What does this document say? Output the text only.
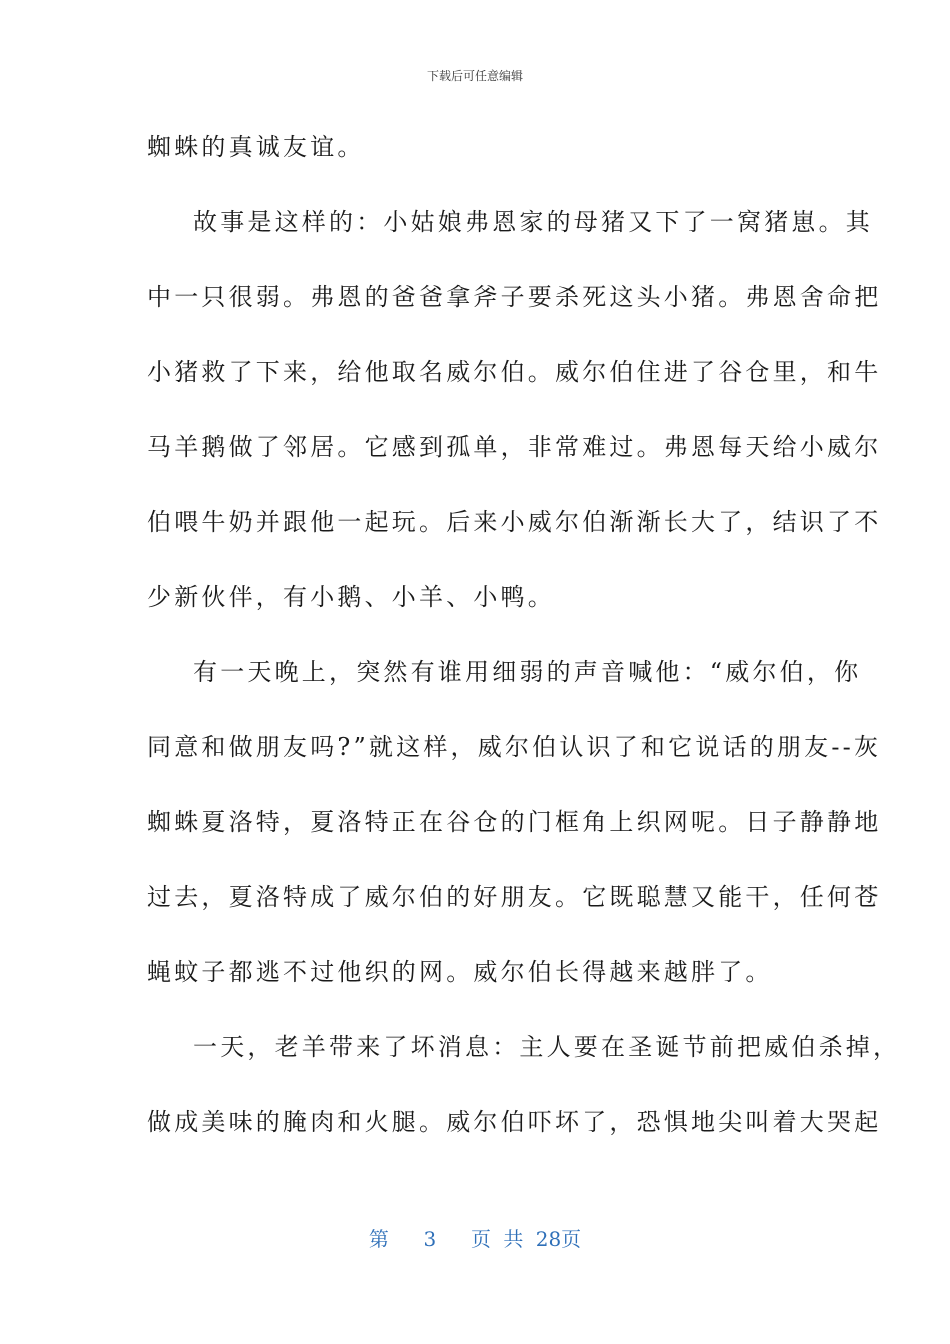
下载后可任意编辑
蜘蛛的真诚友谊。
故事是这样的：小姑娘弗恩家的母猪又下了一窝猪崽。其
中一只很弱。弗恩的爸爸拿斧子要杀死这头小猪。弗恩舍命把
小猪救了下来，给他取名威尔伯。威尔伯住进了谷仓里，和牛
马羊鹅做了邻居。它感到孤单，非常难过。弗恩每天给小威尔
伯喂牛奶并跟他一起玩。后来小威尔伯渐渐长大了，结识了不
少新伙伴，有小鹅、小羊、小鸭。
有一天晚上，突然有谁用细弱的声音喊他：“威尔伯，你
同意和做朋友吗?”就这样，威尔伯认识了和它说话的朋友--灰
蜘蛛夏洛特，夏洛特正在谷仓的门框角上织网呢。日子静静地
过去，夏洛特成了威尔伯的好朋友。它既聪慧又能干，任何苍
蝇蚊子都逃不过他织的网。威尔伯长得越来越胖了。
一天，老羊带来了坏消息：主人要在圣诞节前把威伯杀掉，
做成美味的腌肉和火腿。威尔伯吓坏了，恐惧地尖叫着大哭起
第 3 页 共 28页
